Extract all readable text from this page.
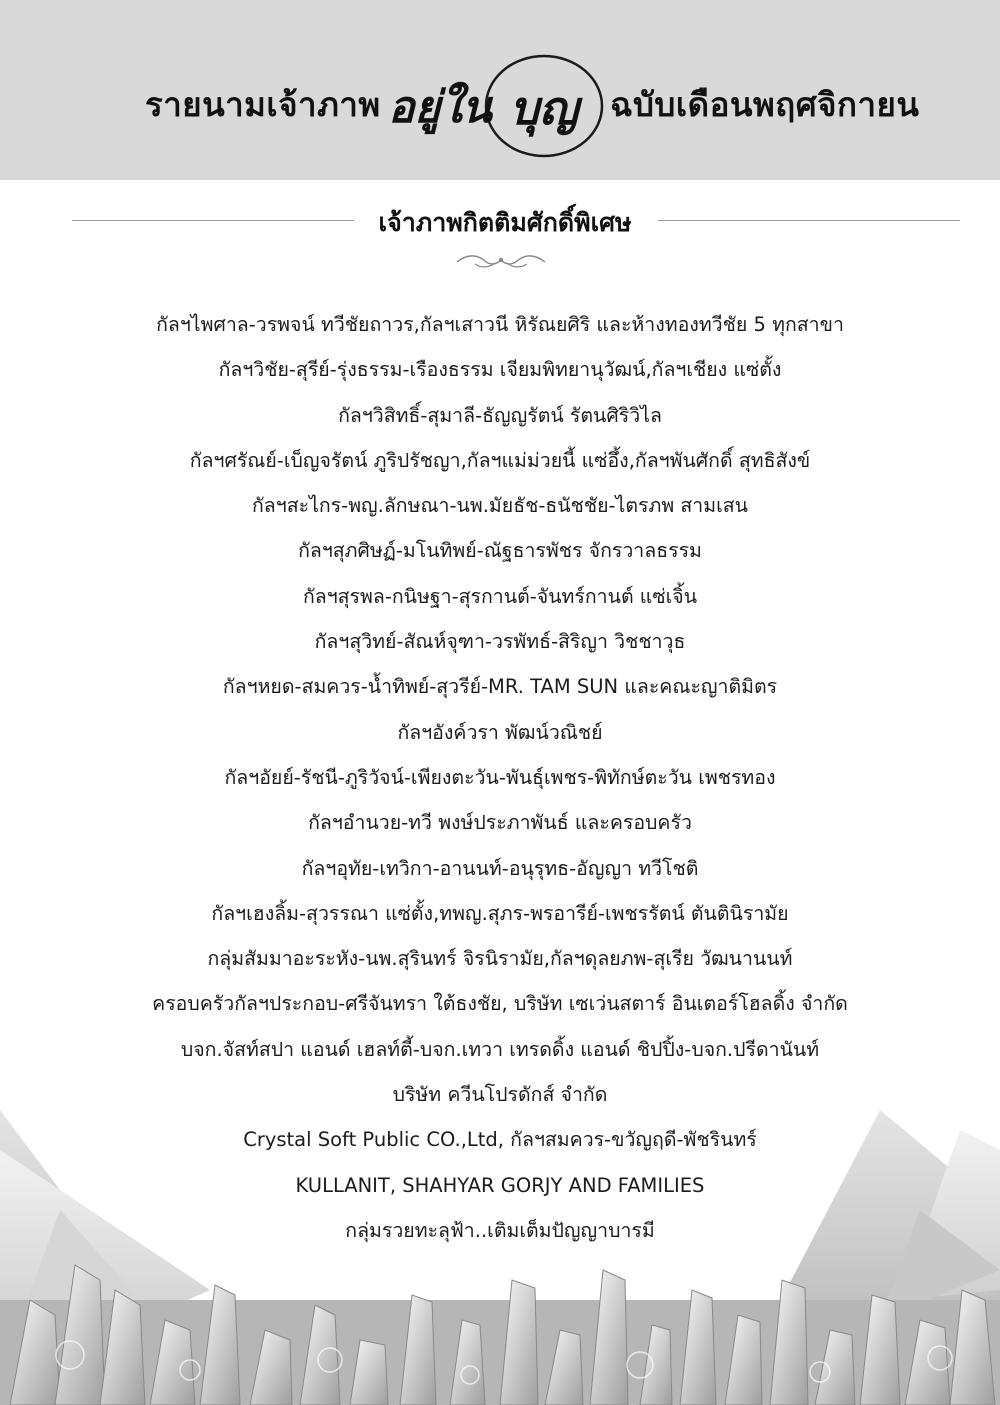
รายนามเจ้าภาพ อยู่ใน บุญ ฉบับเดือนพฤศจิกายน
เจ้าภาพกิตติมศักดิ์พิเศษ
กัลฯไพศาล-วรพจน์ ทวีชัยถาวร,กัลฯเสาวนี หิรัณยศิริ และห้างทองทวีชัย 5 ทุกสาขา
กัลฯวิชัย-สุรีย์-รุ่งธรรม-เรืองธรรม เจียมพิทยานุวัฒน์,กัลฯเชียง แซ่ตั้ง
กัลฯวิสิทธิ์-สุมาลี-ธัญญรัตน์ รัตนศิริวิไล
กัลฯศรัณย์-เบ็ญจรัตน์ ภูริปรัชญา,กัลฯแม่ม่วยนี้ แซ่อึ้ง,กัลฯพันศักดิ์ สุทธิสังข์
กัลฯสะไกร-พญ.ลักษณา-นพ.มัยธัช-ธนัชชัย-ไตรภพ สามเสน
กัลฯสุภศิษฏ์-มโนทิพย์-ณัฐธารพัชร จักรวาลธรรม
กัลฯสุรพล-กนิษฐา-สุรกานต์-จันทร์กานต์ แซ่เจิ้น
กัลฯสุวิทย์-สัณห์จุฑา-วรพัทธ์-สิริญา วิชชาวุธ
กัลฯหยด-สมควร-น้ำทิพย์-สุวรีย์-MR. TAM SUN และคณะญาติมิตร
กัลฯอังค์วรา พัฒน์วณิชย์
กัลฯอัยย์-รัชนี-ภูริวัจน์-เพียงตะวัน-พันธุ์เพชร-พิทักษ์ตะวัน เพชรทอง
กัลฯอำนวย-ทวี พงษ์ประภาพันธ์ และครอบครัว
กัลฯอุทัย-เทวิกา-อานนท์-อนุรุทธ-อัญญา ทวีโชติ
กัลฯเฮงลิ้ม-สุวรรณา แซ่ตั้ง,ทพญ.สุภร-พรอารีย์-เพชรรัตน์ ตันตินิรามัย
กลุ่มสัมมาอะระหัง-นพ.สุรินทร์ จิรนิรามัย,กัลฯดุลยภพ-สุเรีย วัฒนานนท์
ครอบครัวกัลฯประกอบ-ศรีจันทรา ใต้ธงชัย, บริษัท เซเว่นสตาร์ อินเตอร์โฮลดิ้ง จำกัด
บจก.จัสท์สปา แอนด์ เฮลท์ตี้-บจก.เทวา เทรดดิ้ง แอนด์ ชิปปิ้ง-บจก.ปรีดานันท์
บริษัท ควีนโปรดักส์ จำกัด
Crystal Soft Public CO.,Ltd, กัลฯสมควร-ขวัญฤดี-พัชรินทร์
KULLANIT, SHAHYAR GORJY AND FAMILIES
กลุ่มรวยทะลุฟ้า..เติมเต็มปัญญาบารมี
